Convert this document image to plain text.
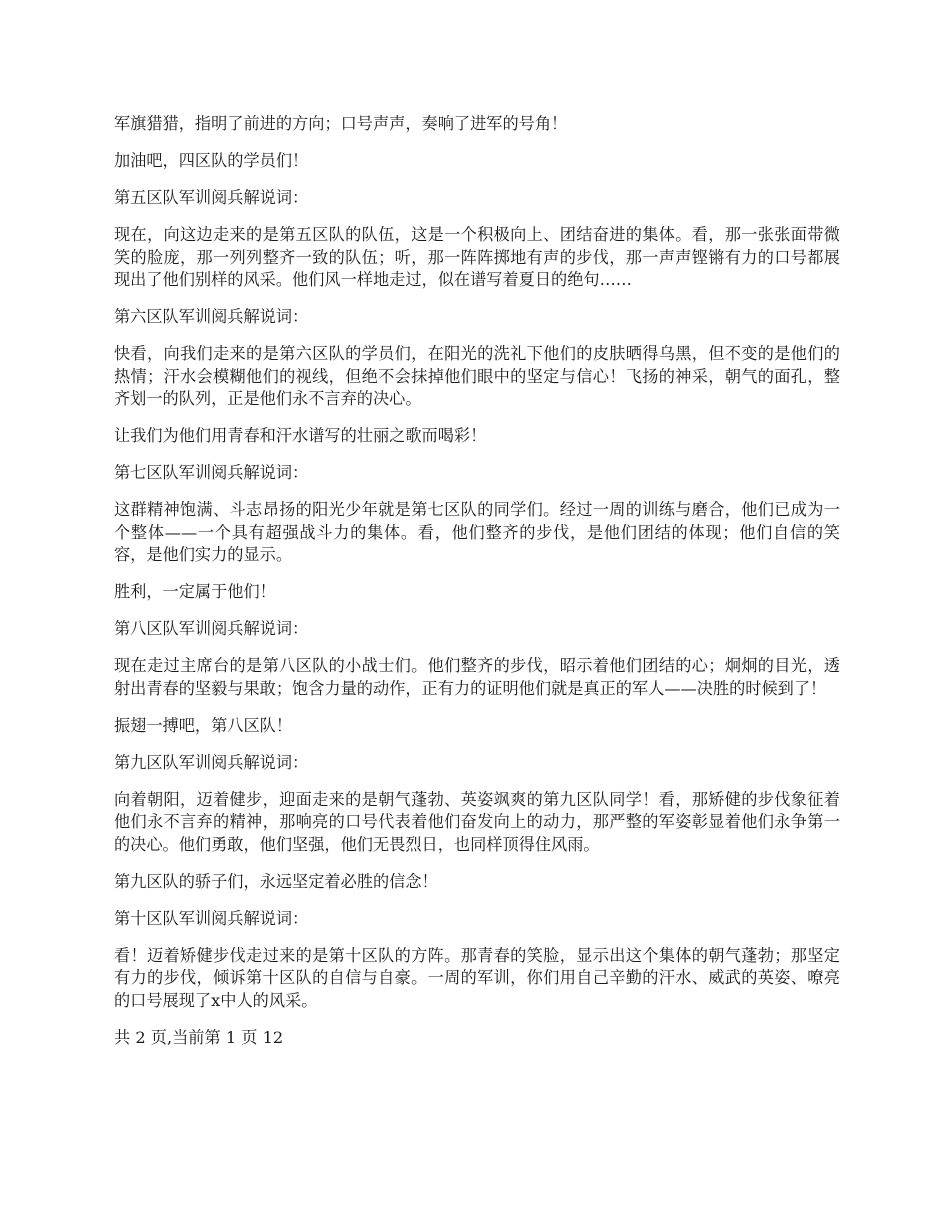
军旗猎猎，指明了前进的方向；口号声声，奏响了进军的号角！

加油吧，四区队的学员们！

第五区队军训阅兵解说词：

现在，向这边走来的是第五区队的队伍，这是一个积极向上、团结奋进的集体。看，那一张张面带微笑的脸庞，那一列列整齐一致的队伍；听，那一阵阵掷地有声的步伐，那一声声铿锵有力的口号都展现出了他们别样的风采。他们风一样地走过，似在谱写着夏日的绝句……

第六区队军训阅兵解说词：

快看，向我们走来的是第六区队的学员们，在阳光的洗礼下他们的皮肤晒得乌黑，但不变的是他们的热情；汗水会模糊他们的视线，但绝不会抹掉他们眼中的坚定与信心！飞扬的神采，朝气的面孔，整齐划一的队列，正是他们永不言弃的决心。

让我们为他们用青春和汗水谱写的壮丽之歌而喝彩！

第七区队军训阅兵解说词：

这群精神饱满、斗志昂扬的阳光少年就是第七区队的同学们。经过一周的训练与磨合，他们已成为一个整体——一个具有超强战斗力的集体。看，他们整齐的步伐，是他们团结的体现；他们自信的笑容，是他们实力的显示。

胜利，一定属于他们！

第八区队军训阅兵解说词：

现在走过主席台的是第八区队的小战士们。他们整齐的步伐，昭示着他们团结的心；炯炯的目光，透射出青春的坚毅与果敢；饱含力量的动作，正有力的证明他们就是真正的军人——决胜的时候到了！

振翅一搏吧，第八区队！

第九区队军训阅兵解说词：

向着朝阳，迈着健步，迎面走来的是朝气蓬勃、英姿飒爽的第九区队同学！看，那矫健的步伐象征着他们永不言弃的精神，那响亮的口号代表着他们奋发向上的动力，那严整的军姿彰显着他们永争第一的决心。他们勇敢，他们坚强，他们无畏烈日，也同样顶得住风雨。

第九区队的骄子们，永远坚定着必胜的信念！

第十区队军训阅兵解说词：

看！迈着矫健步伐走过来的是第十区队的方阵。那青春的笑脸，显示出这个集体的朝气蓬勃；那坚定有力的步伐，倾诉第十区队的自信与自豪。一周的军训，你们用自己辛勤的汗水、威武的英姿、嘹亮的口号展现了x中人的风采。

共 2 页,当前第 1 页 12
